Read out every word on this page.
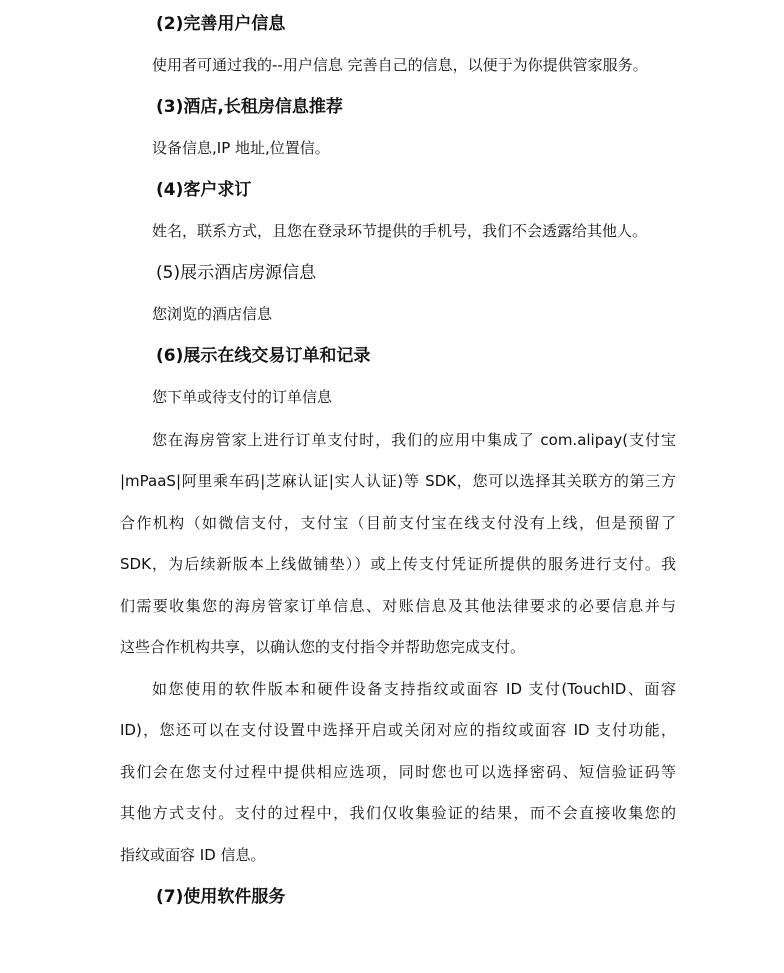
(2)完善用户信息

使用者可通过我的--用户信息 完善自己的信息，以便于为你提供管家服务。

(3)酒店,长租房信息推荐

设备信息,IP 地址,位置信。

(4)客户求订

姓名，联系方式，且您在登录环节提供的手机号，我们不会透露给其他人。

(5)展示酒店房源信息

您浏览的酒店信息

(6)展示在线交易订单和记录

您下单或待支付的订单信息

您在海房管家上进行订单支付时，我们的应用中集成了 com.alipay(支付宝
|mPaaS|阿里乘车码|芝麻认证|实人认证)等 SDK，您可以选择其关联方的第三方
合作机构（如微信支付，支付宝（目前支付宝在线支付没有上线，但是预留了
SDK，为后续新版本上线做铺垫））或上传支付凭证所提供的服务进行支付。我
们需要收集您的海房管家订单信息、对账信息及其他法律要求的必要信息并与
这些合作机构共享，以确认您的支付指令并帮助您完成支付。
如您使用的软件版本和硬件设备支持指纹或面容 ID 支付(TouchID、面容
ID)，您还可以在支付设置中选择开启或关闭对应的指纹或面容 ID 支付功能，
我们会在您支付过程中提供相应选项，同时您也可以选择密码、短信验证码等
其他方式支付。支付的过程中，我们仅收集验证的结果，而不会直接收集您的
指纹或面容 ID 信息。
(7)使用软件服务
